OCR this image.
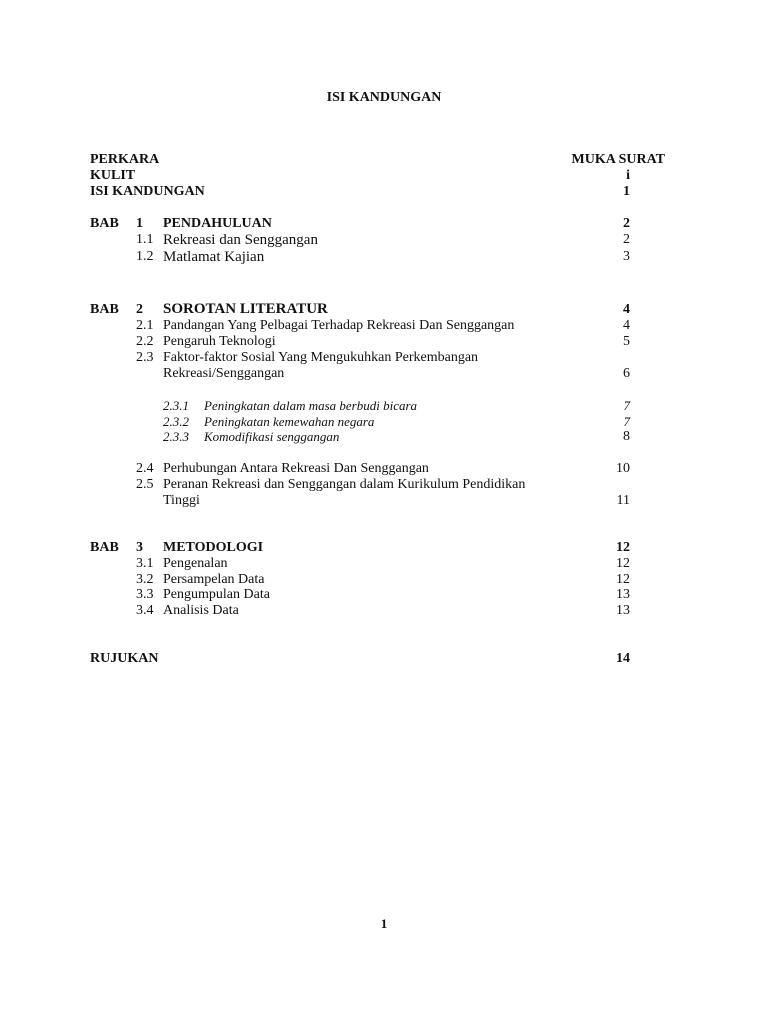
ISI KANDUNGAN
PERKARA	MUKA SURAT
KULIT	i
ISI KANDUNGAN	1
BAB 1 PENDAHULUAN	2
1.1 Rekreasi dan Senggangan	2
1.2 Matlamat Kajian	3
BAB 2 SOROTAN LITERATUR	4
2.1 Pandangan Yang Pelbagai Terhadap Rekreasi Dan Senggangan	4
2.2 Pengaruh Teknologi	5
2.3 Faktor-faktor Sosial Yang Mengukuhkan Perkembangan
Rekreasi/Senggangan	6
2.3.1 Peningkatan dalam masa berbudi bicara	7
2.3.2 Peningkatan kemewahan negara	7
2.3.3 Komodifikasi senggangan	8
2.4 Perhubungan Antara Rekreasi Dan Senggangan	10
2.5 Peranan Rekreasi dan Senggangan dalam Kurikulum Pendidikan
Tinggi	11
BAB 3 METODOLOGI	12
3.1 Pengenalan	12
3.2 Persampelan Data	12
3.3 Pengumpulan Data	13
3.4 Analisis Data	13
RUJUKAN	14
1
